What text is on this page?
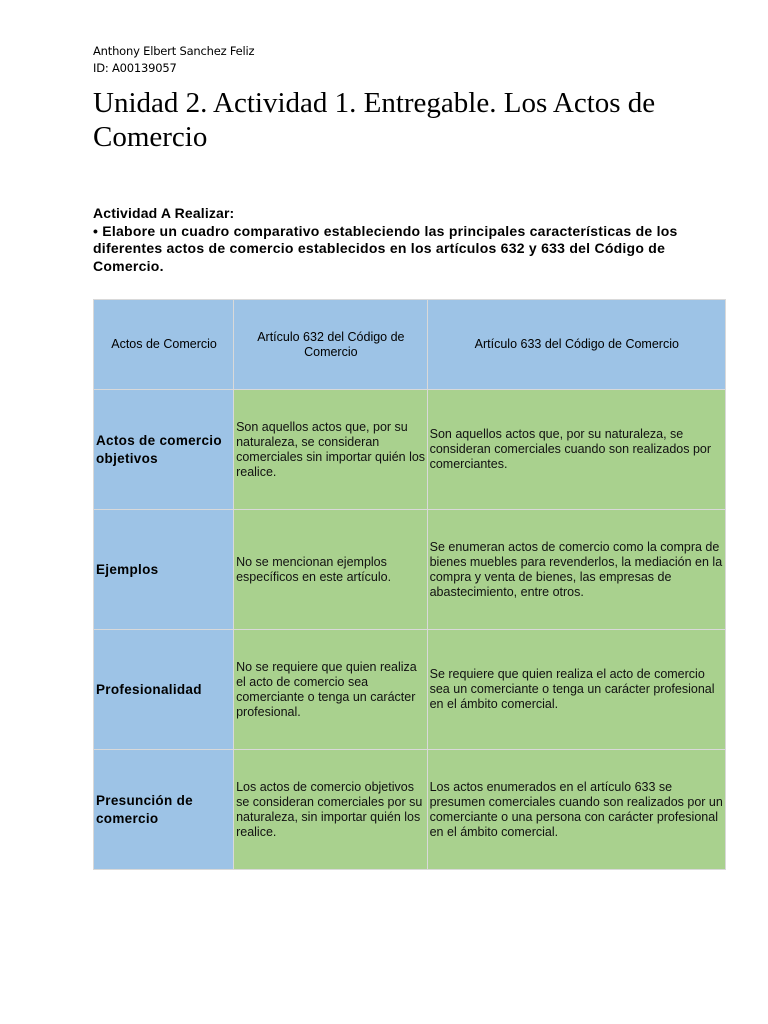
Anthony Elbert Sanchez Feliz
ID: A00139057
Unidad 2. Actividad 1. Entregable. Los Actos de Comercio
Actividad A Realizar:
• Elabore un cuadro comparativo estableciendo las principales características de los diferentes actos de comercio establecidos en los artículos 632 y 633 del Código de Comercio.
Actos de Comercio	Artículo 632 del Código de Comercio	Artículo 633 del Código de Comercio
Actos de comercio objetivos	Son aquellos actos que, por su naturaleza, se consideran comerciales sin importar quién los realice.	Son aquellos actos que, por su naturaleza, se consideran comerciales cuando son realizados por comerciantes.
Ejemplos	No se mencionan ejemplos específicos en este artículo.	Se enumeran actos de comercio como la compra de bienes muebles para revenderlos, la mediación en la compra y venta de bienes, las empresas de abastecimiento, entre otros.
Profesionalidad	No se requiere que quien realiza el acto de comercio sea comerciante o tenga un carácter profesional.	Se requiere que quien realiza el acto de comercio sea un comerciante o tenga un carácter profesional en el ámbito comercial.
Presunción de comercio	Los actos de comercio objetivos se consideran comerciales por su naturaleza, sin importar quién los realice.	Los actos enumerados en el artículo 633 se presumen comerciales cuando son realizados por un comerciante o una persona con carácter profesional en el ámbito comercial.
